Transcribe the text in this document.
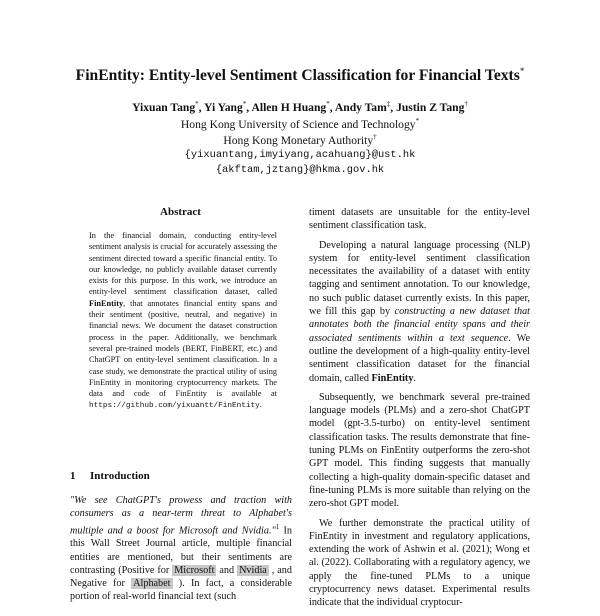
FinEntity: Entity-level Sentiment Classification for Financial Texts*
Yixuan Tang*, Yi Yang*, Allen H Huang*, Andy Tam‡, Justin Z Tang†
Hong Kong University of Science and Technology*
Hong Kong Monetary Authority†
{yixuantang,imyiyang,acahuang}@ust.hk
{akftam,jztang}@hkma.gov.hk
Abstract

In the financial domain, conducting entity-level sentiment analysis is crucial for accurately assessing the sentiment directed toward a specific financial entity. To our knowledge, no publicly available dataset currently exists for this purpose. In this work, we introduce an entity-level sentiment classification dataset, called FinEntity, that annotates financial entity spans and their sentiment (positive, neutral, and negative) in financial news. We document the dataset construction process in the paper. Additionally, we benchmark several pre-trained models (BERT, FinBERT, etc.) and ChatGPT on entity-level sentiment classification. In a case study, we demonstrate the practical utility of using FinEntity in monitoring cryptocurrency markets. The data and code of FinEntity is available at https://github.com/yixuantt/FinEntity.

1 Introduction

"We see ChatGPT's prowess and traction with consumers as a near-term threat to Alphabet's multiple and a boost for Microsoft and Nvidia."$^1$ In this Wall Street Journal article, multiple financial entities are mentioned, but their sentiments are contrasting (Positive for Microsoft and Nvidia , and Negative for Alphabet ). In fact, a considerable portion of real-world financial text (such

timent datasets are unsuitable for the entity-level sentiment classification task.

Developing a natural language processing (NLP) system for entity-level sentiment classification necessitates the availability of a dataset with entity tagging and sentiment annotation. To our knowledge, no such public dataset currently exists. In this paper, we fill this gap by constructing a new dataset that annotates both the financial entity spans and their associated sentiments within a text sequence. We outline the development of a high-quality entity-level sentiment classification dataset for the financial domain, called FinEntity.

Subsequently, we benchmark several pre-trained language models (PLMs) and a zero-shot ChatGPT model (gpt-3.5-turbo) on entity-level sentiment classification tasks. The results demonstrate that fine-tuning PLMs on FinEntity outperforms the zero-shot GPT model. This finding suggests that manually collecting a high-quality domain-specific dataset and fine-tuning PLMs is more suitable than relying on the zero-shot GPT model.

We further demonstrate the practical utility of FinEntity in investment and regulatory applications, extending the work of Ashwin et al. (2021); Wong et al. (2022). Collaborating with a regulatory agency, we apply the fine-tuned PLMs to a unique cryptocurrency news dataset. Experimental results indicate that the individual cryptocur-
